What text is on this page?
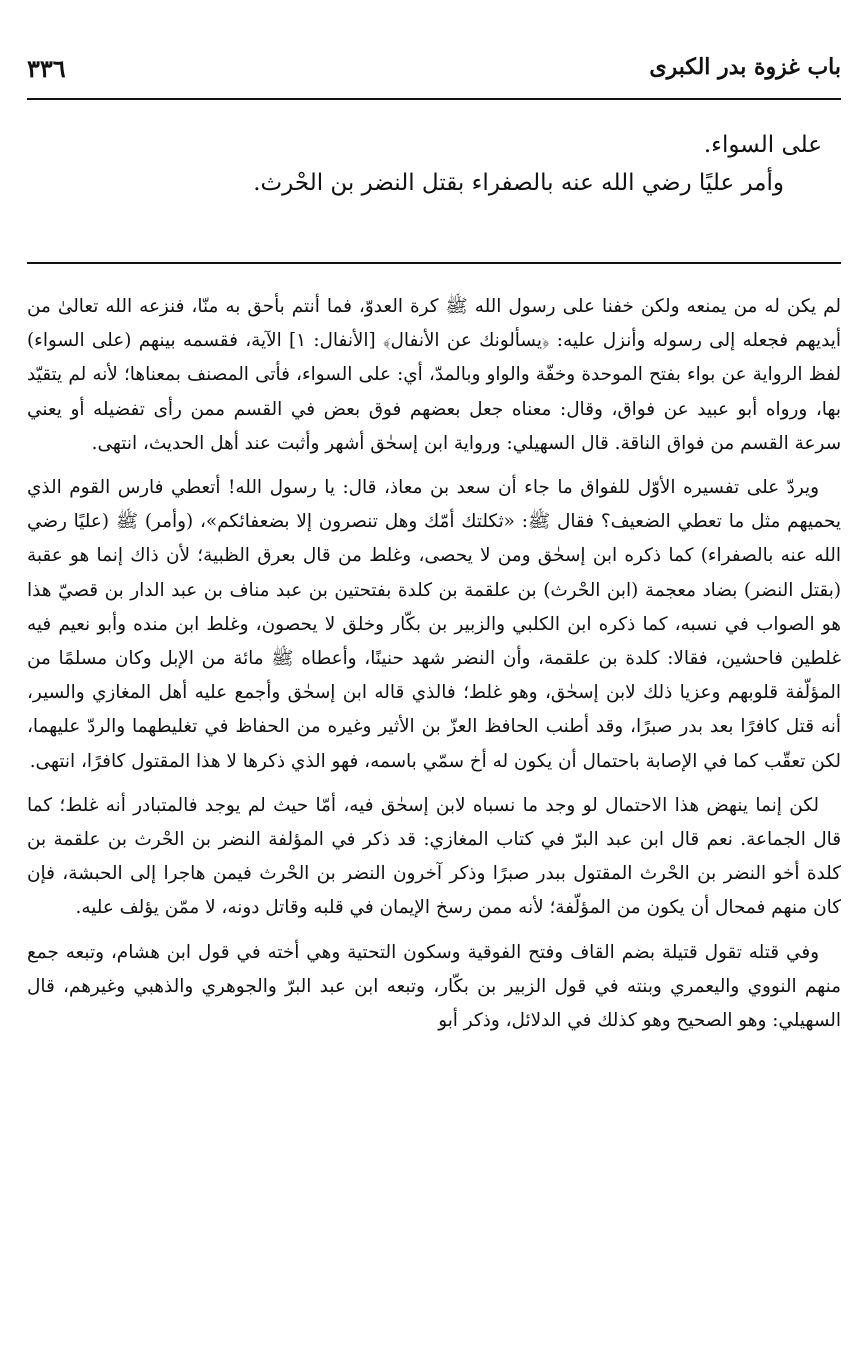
باب غزوة بدر الكبرى
٣٣٦

على السواء.

وأمر عليًا رضي الله عنه بالصفراء بقتل النضر بن الحْرث.

لم يكن له من يمنعه ولكن خفنا على رسول الله ﷺ كرة العدوّ، فما أنتم بأحق به منّا، فنزعه الله تعالىٰ من أيديهم فجعله إلى رسوله وأنزل عليه: ﴿يسألونك عن الأنفال﴾ [الأنفال: ١] الآية، فقسمه بينهم (على السواء) لفظ الرواية عن بواء بفتح الموحدة وخفّة والواو وبالمدّ، أي: على السواء، فأتى المصنف بمعناها؛ لأنه لم يتقيّد بها، ورواه أبو عبيد عن فواق، وقال: معناه جعل بعضهم فوق بعض في القسم ممن رأى تفضيله أو يعني سرعة القسم من فواق الناقة. قال السهيلي: ورواية ابن إسحٰق أشهر وأثبت عند أهل الحديث، انتهى.

ويردّ على تفسيره الأوّل للفواق ما جاء أن سعد بن معاذ، قال: يا رسول الله! أتعطي فارس القوم الذي يحميهم مثل ما تعطي الضعيف؟ فقال ﷺ: «ثكلتك أمّك وهل تنصرون إلا بضعفائكم»، (وأمر) ﷺ (عليًا رضي الله عنه بالصفراء) كما ذكره ابن إسحٰق ومن لا يحصى، وغلط من قال بعرق الظبية؛ لأن ذاك إنما هو عقبة (بقتل النضر) بضاد معجمة (ابن الحْرث) بن علقمة بن كلدة بفتحتين بن عبد مناف بن عبد الدار بن قصيّ هذا هو الصواب في نسبه، كما ذكره ابن الكلبي والزبير بن بكّار وخلق لا يحصون، وغلط ابن منده وأبو نعيم فيه غلطين فاحشين، فقالا: كلدة بن علقمة، وأن النضر شهد حنينًا، وأعطاه ﷺ مائة من الإبل وكان مسلمًا من المؤلّفة قلوبهم وعزيا ذلك لابن إسحٰق، وهو غلط؛ فالذي قاله ابن إسحٰق وأجمع عليه أهل المغازي والسير، أنه قتل كافرًا بعد بدر صبرًا، وقد أطنب الحافظ العزّ بن الأثير وغيره من الحفاظ في تغليطهما والردّ عليهما، لكن تعقّب كما في الإصابة باحتمال أن يكون له أخ سمّي باسمه، فهو الذي ذكرها لا هذا المقتول كافرًا، انتهى.

لكن إنما ينهض هذا الاحتمال لو وجد ما نسباه لابن إسحٰق فيه، أمّا حيث لم يوجد فالمتبادر أنه غلط؛ كما قال الجماعة. نعم قال ابن عبد البرّ في كتاب المغازي: قد ذكر في المؤلفة النضر بن الحْرث بن علقمة بن كلدة أخو النضر بن الحْرث المقتول ببدر صبرًا وذكر آخرون النضر بن الحْرث فيمن هاجرا إلى الحبشة، فإن كان منهم فمحال أن يكون من المؤلّفة؛ لأنه ممن رسخ الإيمان في قلبه وقاتل دونه، لا ممّن يؤلف عليه.

وفي قتله تقول قتيلة بضم القاف وفتح الفوقية وسكون التحتية وهي أخته في قول ابن هشام، وتبعه جمع منهم النووي واليعمري وبنته في قول الزبير بن بكّار، وتبعه ابن عبد البرّ والجوهري والذهبي وغيرهم، قال السهيلي: وهو الصحيح وهو كذلك في الدلائل، وذكر أبو
